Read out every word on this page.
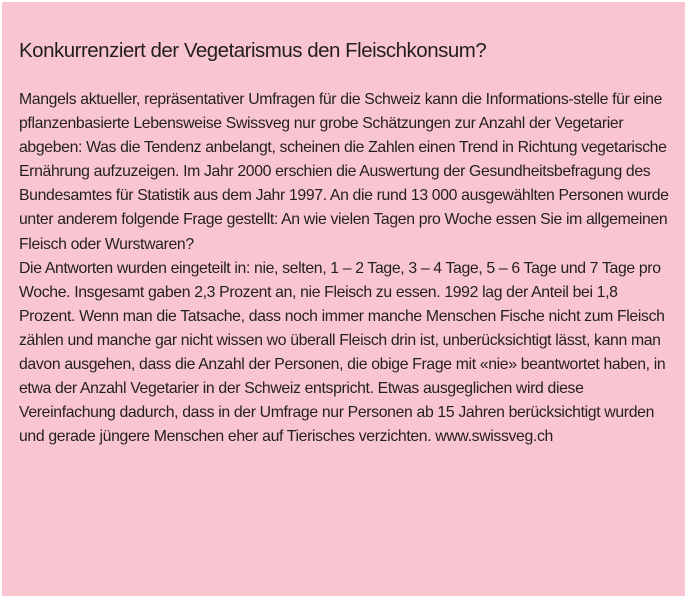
Konkurrenziert der Vegetarismus den Fleischkonsum?

Mangels aktueller, repräsentativer Umfragen für die Schweiz kann die Informations-stelle für eine pflanzenbasierte Lebensweise Swissveg nur grobe Schätzungen zur Anzahl der Vegetarier abgeben: Was die Tendenz anbelangt, scheinen die Zahlen einen Trend in Richtung vegetarische Ernährung aufzuzeigen. Im Jahr 2000 erschien die Auswertung der Gesundheitsbefragung des Bundesamtes für Statistik aus dem Jahr 1997. An die rund 13 000 ausgewählten Personen wurde unter anderem folgende Frage gestellt: An wie vielen Tagen pro Woche essen Sie im allgemeinen Fleisch oder Wurstwaren?

Die Antworten wurden eingeteilt in: nie, selten, 1 – 2 Tage, 3 – 4 Tage, 5 – 6 Tage und 7 Tage pro Woche. Insgesamt gaben 2,3 Prozent an, nie Fleisch zu essen. 1992 lag der Anteil bei 1,8 Prozent. Wenn man die Tatsache, dass noch immer manche Menschen Fische nicht zum Fleisch zählen und manche gar nicht wissen wo überall Fleisch drin ist, unberücksichtigt lässt, kann man davon ausgehen, dass die Anzahl der Personen, die obige Frage mit «nie» beantwortet haben, in etwa der Anzahl Vegetarier in der Schweiz entspricht. Etwas ausgeglichen wird diese Vereinfachung dadurch, dass in der Umfrage nur Personen ab 15 Jahren berücksichtigt wurden und gerade jüngere Menschen eher auf Tierisches verzichten. www.swissveg.ch
